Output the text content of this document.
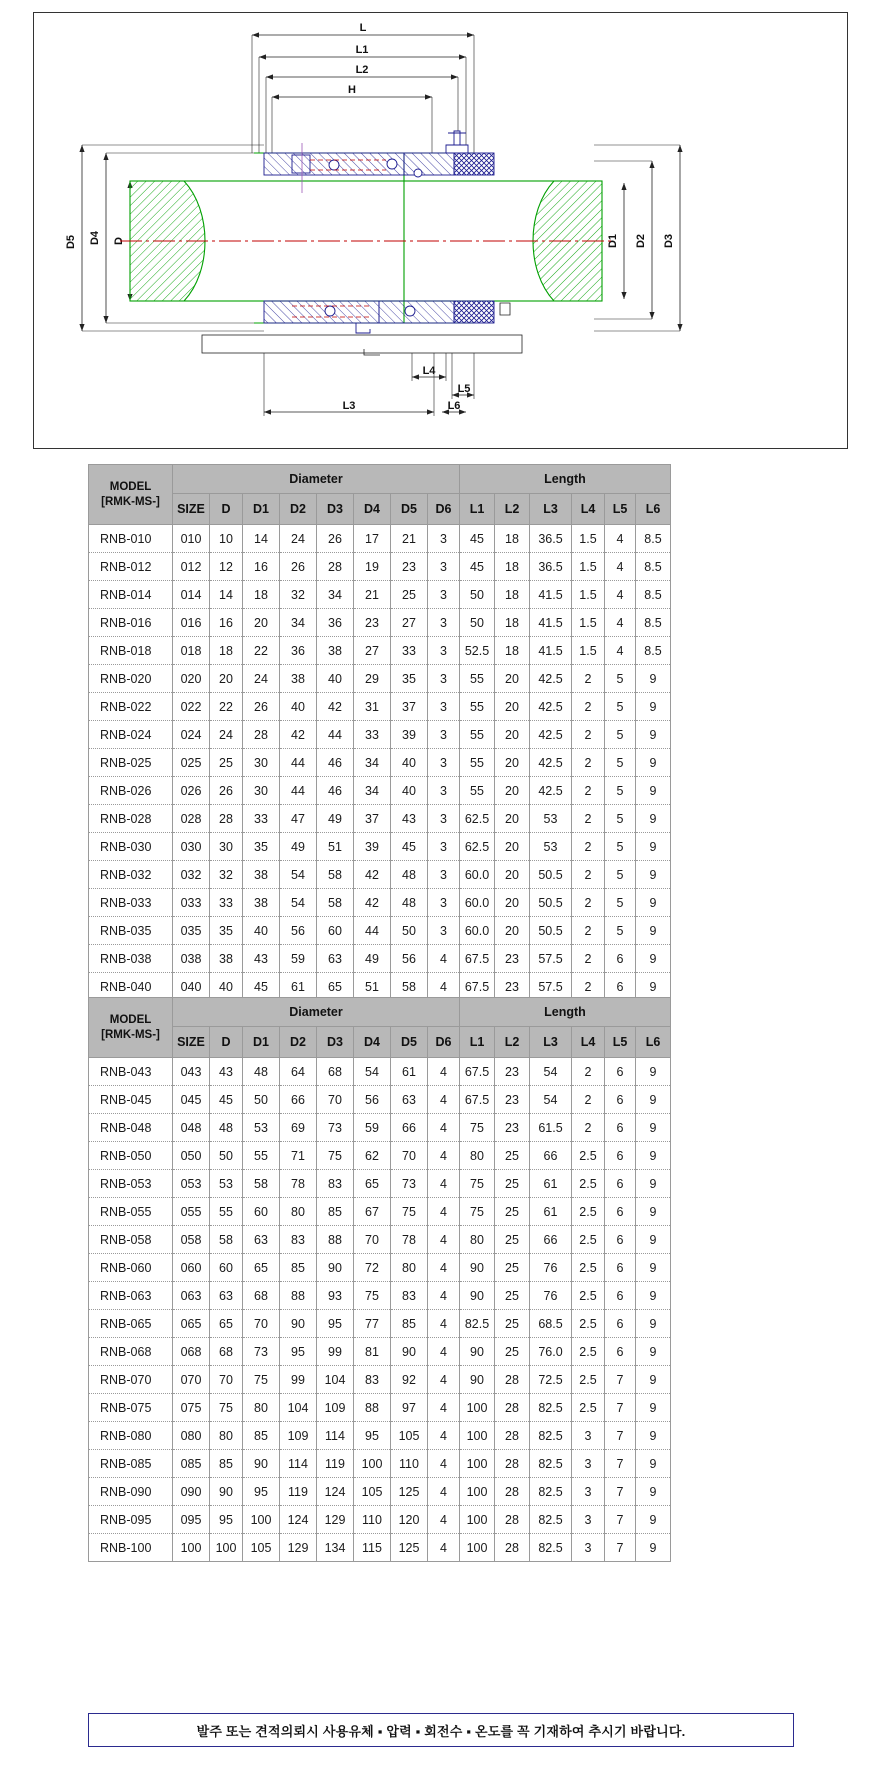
L
L1
L2
H
D5 D4 D	D1 D2 D3
L4
L5
L6
L3
MODEL
[RMK-MS-]	Diameter								Length					
	SIZE	D	D1	D2	D3	D4	D5	D6	L1	L2	L3	L4	L5	L6
RNB-010	010	10	14	24	26	17	21	3	45	18	36.5	1.5	4	8.5
RNB-012	012	12	16	26	28	19	23	3	45	18	36.5	1.5	4	8.5
RNB-014	014	14	18	32	34	21	25	3	50	18	41.5	1.5	4	8.5
RNB-016	016	16	20	34	36	23	27	3	50	18	41.5	1.5	4	8.5
RNB-018	018	18	22	36	38	27	33	3	52.5	18	41.5	1.5	4	8.5
RNB-020	020	20	24	38	40	29	35	3	55	20	42.5	2	5	9
RNB-022	022	22	26	40	42	31	37	3	55	20	42.5	2	5	9
RNB-024	024	24	28	42	44	33	39	3	55	20	42.5	2	5	9
RNB-025	025	25	30	44	46	34	40	3	55	20	42.5	2	5	9
RNB-026	026	26	30	44	46	34	40	3	55	20	42.5	2	5	9
RNB-028	028	28	33	47	49	37	43	3	62.5	20	53	2	5	9
RNB-030	030	30	35	49	51	39	45	3	62.5	20	53	2	5	9
RNB-032	032	32	38	54	58	42	48	3	60.0	20	50.5	2	5	9
RNB-033	033	33	38	54	58	42	48	3	60.0	20	50.5	2	5	9
RNB-035	035	35	40	56	60	44	50	3	60.0	20	50.5	2	5	9
RNB-038	038	38	43	59	63	49	56	4	67.5	23	57.5	2	6	9
RNB-040	040	40	45	61	65	51	58	4	67.5	23	57.5	2	6	9
MODEL
[RMK-MS-]	Diameter								Length					
	SIZE	D	D1	D2	D3	D4	D5	D6	L1	L2	L3	L4	L5	L6
RNB-043	043	43	48	64	68	54	61	4	67.5	23	54	2	6	9
RNB-045	045	45	50	66	70	56	63	4	67.5	23	54	2	6	9
RNB-048	048	48	53	69	73	59	66	4	75	23	61.5	2	6	9
RNB-050	050	50	55	71	75	62	70	4	80	25	66	2.5	6	9
RNB-053	053	53	58	78	83	65	73	4	75	25	61	2.5	6	9
RNB-055	055	55	60	80	85	67	75	4	75	25	61	2.5	6	9
RNB-058	058	58	63	83	88	70	78	4	80	25	66	2.5	6	9
RNB-060	060	60	65	85	90	72	80	4	90	25	76	2.5	6	9
RNB-063	063	63	68	88	93	75	83	4	90	25	76	2.5	6	9
RNB-065	065	65	70	90	95	77	85	4	82.5	25	68.5	2.5	6	9
RNB-068	068	68	73	95	99	81	90	4	90	25	76.0	2.5	6	9
RNB-070	070	70	75	99	104	83	92	4	90	28	72.5	2.5	7	9
RNB-075	075	75	80	104	109	88	97	4	100	28	82.5	2.5	7	9
RNB-080	080	80	85	109	114	95	105	4	100	28	82.5	3	7	9
RNB-085	085	85	90	114	119	100	110	4	100	28	82.5	3	7	9
RNB-090	090	90	95	119	124	105	125	4	100	28	82.5	3	7	9
RNB-095	095	95	100	124	129	110	120	4	100	28	82.5	3	7	9
RNB-100	100	100	105	129	134	115	125	4	100	28	82.5	3	7	9
발주 또는 견적의뢰시 사용유체 ▪ 압력 ▪ 회전수 ▪ 온도를 꼭 기재하여 추시기 바랍니다.
